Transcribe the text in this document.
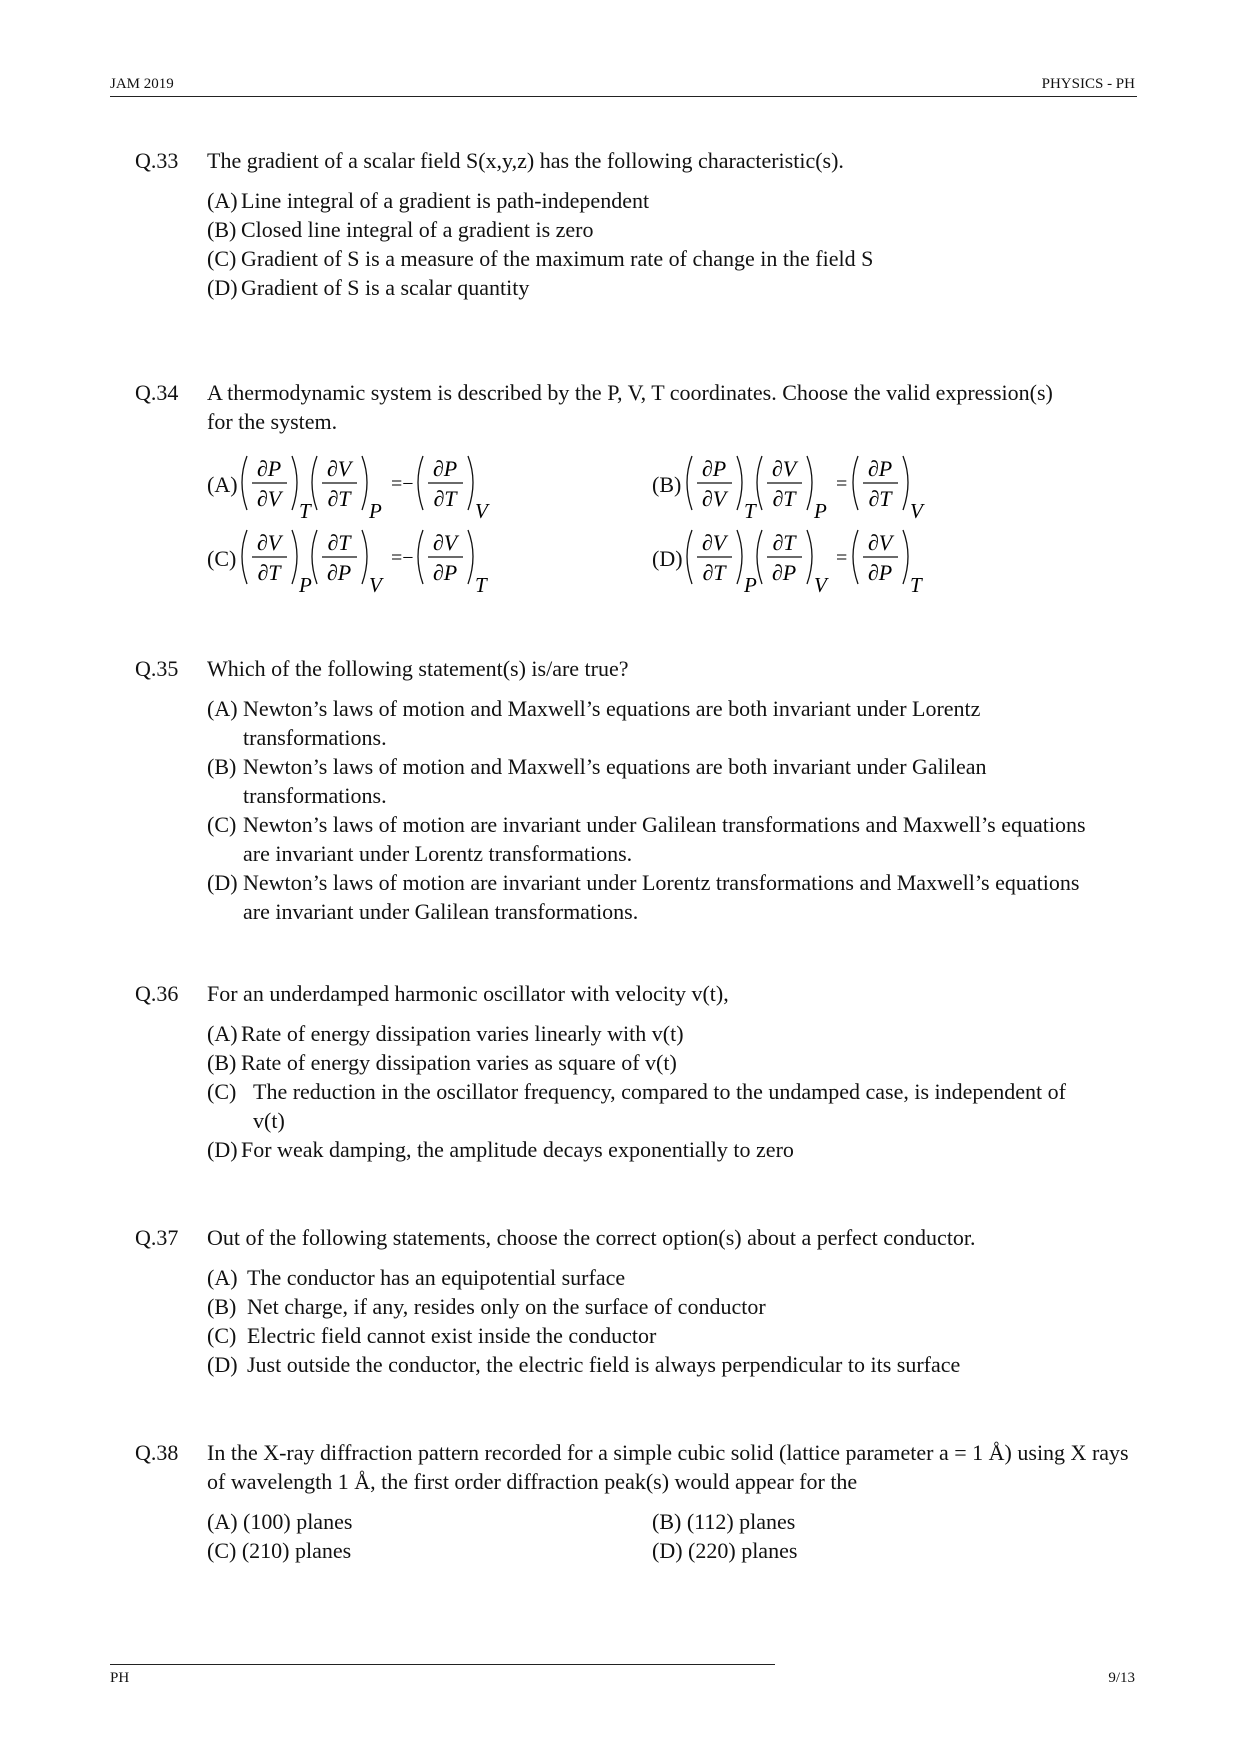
JAM 2019	PHYSICS - PH
Q.33 The gradient of a scalar field S(x,y,z) has the following characteristic(s).
(A) Line integral of a gradient is path-independent
(B) Closed line integral of a gradient is zero
(C) Gradient of S is a measure of the maximum rate of change in the field S
(D) Gradient of S is a scalar quantity
Q.34 A thermodynamic system is described by the P, V, T coordinates. Choose the valid expression(s) for the system.
(A)
∂P
∂V T
∂V
∂T P
=−
∂P
∂T V
(B)
∂P
∂V T
∂V
∂T P
=
∂P
∂T V
(C)
∂V
∂T P
∂T
∂P V
=−
∂V
∂P T
(D)
∂V
∂T P
∂T
∂P V
=
∂V
∂P T
Q.35 Which of the following statement(s) is/are true?
(A) Newton’s laws of motion and Maxwell’s equations are both invariant under Lorentz transformations.
(B) Newton’s laws of motion and Maxwell’s equations are both invariant under Galilean transformations.
(C) Newton’s laws of motion are invariant under Galilean transformations and Maxwell’s equations are invariant under Lorentz transformations.
(D) Newton’s laws of motion are invariant under Lorentz transformations and Maxwell’s equations are invariant under Galilean transformations.
Q.36 For an underdamped harmonic oscillator with velocity v(t),
(A) Rate of energy dissipation varies linearly with v(t)
(B) Rate of energy dissipation varies as square of v(t)
(C) The reduction in the oscillator frequency, compared to the undamped case, is independent of v(t)
(D) For weak damping, the amplitude decays exponentially to zero
Q.37 Out of the following statements, choose the correct option(s) about a perfect conductor.
(A) The conductor has an equipotential surface
(B) Net charge, if any, resides only on the surface of conductor
(C) Electric field cannot exist inside the conductor
(D) Just outside the conductor, the electric field is always perpendicular to its surface
Q.38 In the X-ray diffraction pattern recorded for a simple cubic solid (lattice parameter a = 1 Å) using X rays of wavelength 1 Å, the first order diffraction peak(s) would appear for the
(A) (100) planes	(B) (112) planes
(C) (210) planes	(D) (220) planes
PH	9/13
